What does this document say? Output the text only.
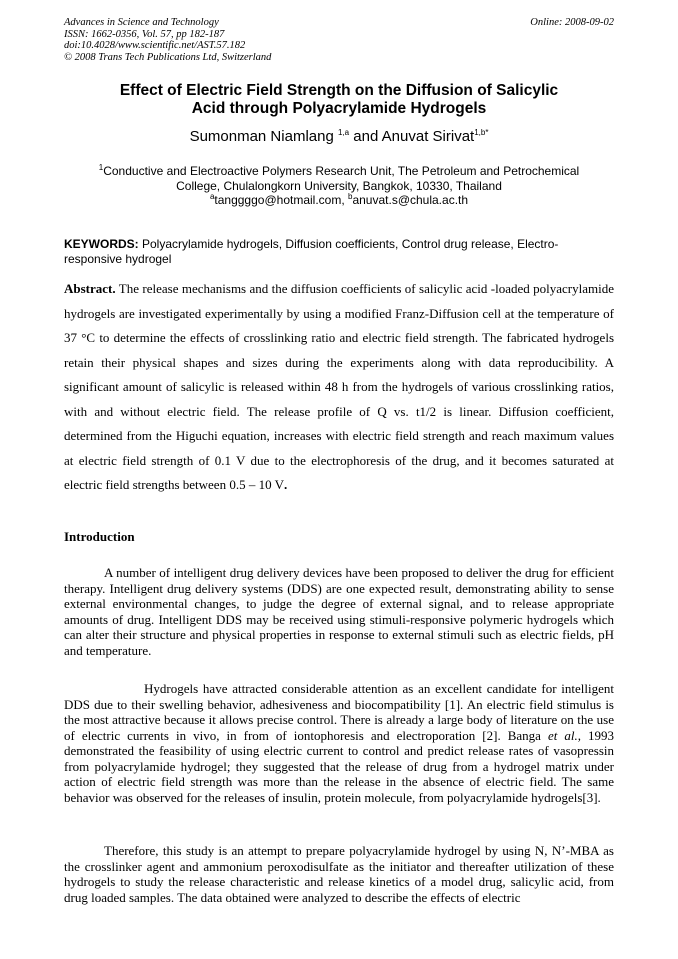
Advances in Science and Technology
ISSN: 1662-0356, Vol. 57, pp 182-187
doi:10.4028/www.scientific.net/AST.57.182
© 2008 Trans Tech Publications Ltd, Switzerland
Online: 2008-09-02
Effect of Electric Field Strength on the Diffusion of Salicylic
Acid through Polyacrylamide Hydrogels
Sumonman Niamlang $^{1,a}$ and Anuvat Sirivat$^{1,b*}$
$^1$Conductive and Electroactive Polymers Research Unit, The Petroleum and Petrochemical
College, Chulalongkorn University, Bangkok, 10330, Thailand
$^a$tanggggo@hotmail.com, $^b$anuvat.s@chula.ac.th
KEYWORDS: Polyacrylamide hydrogels, Diffusion coefficients, Control drug release, Electro-responsive hydrogel
Abstract. The release mechanisms and the diffusion coefficients of salicylic acid -loaded polyacrylamide hydrogels are investigated experimentally by using a modified Franz-Diffusion cell at the temperature of 37 °C to determine the effects of crosslinking ratio and electric field strength. The fabricated hydrogels retain their physical shapes and sizes during the experiments along with data reproducibility. A significant amount of salicylic is released within 48 h from the hydrogels of various crosslinking ratios, with and without electric field. The release profile of Q vs. t1/2 is linear. Diffusion coefficient, determined from the Higuchi equation, increases with electric field strength and reach maximum values at electric field strength of 0.1 V due to the electrophoresis of the drug, and it becomes saturated at electric field strengths between 0.5 – 10 V.
Introduction
A number of intelligent drug delivery devices have been proposed to deliver the drug for efficient therapy. Intelligent drug delivery systems (DDS) are one expected result, demonstrating ability to sense external environmental changes, to judge the degree of external signal, and to release appropriate amounts of drug. Intelligent DDS may be received using stimuli-responsive polymeric hydrogels which can alter their structure and physical properties in response to external stimuli such as electric fields, pH and temperature.
Hydrogels have attracted considerable attention as an excellent candidate for intelligent DDS due to their swelling behavior, adhesiveness and biocompatibility [1]. An electric field stimulus is the most attractive because it allows precise control. There is already a large body of literature on the use of electric currents in vivo, in from of iontophoresis and electroporation [2]. Banga et al., 1993 demonstrated the feasibility of using electric current to control and predict release rates of vasopressin from polyacrylamide hydrogel; they suggested that the release of drug from a hydrogel matrix under action of electric field strength was more than the release in the absence of electric field. The same behavior was observed for the releases of insulin, protein molecule, from polyacrylamide hydrogels[3].
Therefore, this study is an attempt to prepare polyacrylamide hydrogel by using N, N’-MBA as the crosslinker agent and ammonium peroxodisulfate as the initiator and thereafter utilization of these hydrogels to study the release characteristic and release kinetics of a model drug, salicylic acid, from drug loaded samples. The data obtained were analyzed to describe the effects of electric
